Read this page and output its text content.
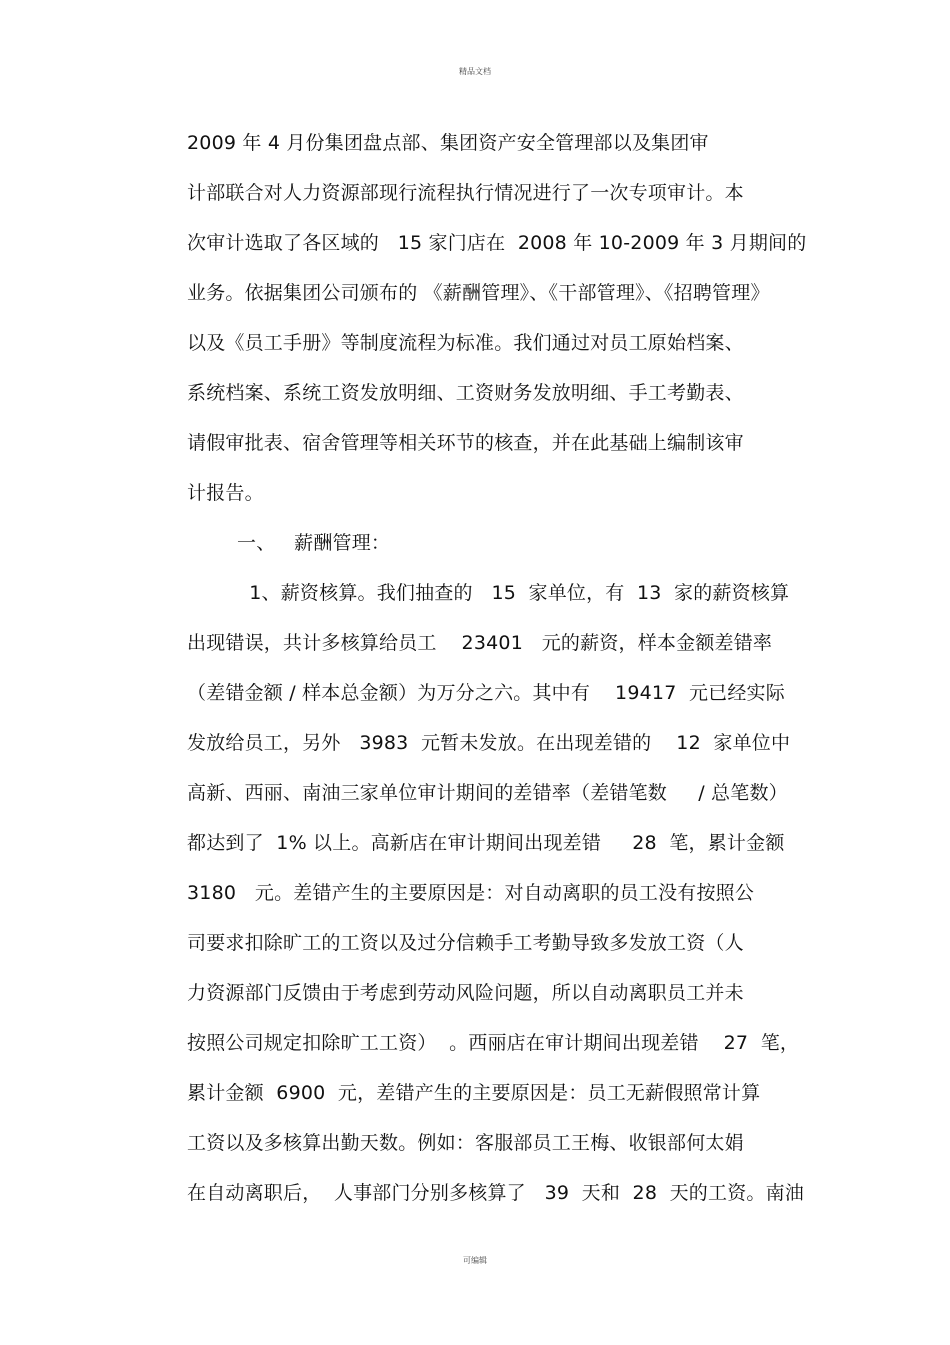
精品文档
2009 年 4 月份集团盘点部、集团资产安全管理部以及集团审
计部联合对人力资源部现行流程执行情况进行了一次专项审计。本
次审计选取了各区域的   15 家门店在  2008 年 10-2009 年 3 月期间的
业务。依据集团公司颁布的 《薪酬管理》、《干部管理》、《招聘管理》
以及《员工手册》等制度流程为标准。我们通过对员工原始档案、
系统档案、系统工资发放明细、工资财务发放明细、手工考勤表、
请假审批表、宿舍管理等相关环节的核查，并在此基础上编制该审
计报告。
一、   薪酬管理：
1、薪资核算。我们抽查的   15  家单位，有  13  家的薪资核算
出现错误，共计多核算给员工    23401   元的薪资，样本金额差错率
（差错金额 / 样本总金额）为万分之六。其中有    19417  元已经实际
发放给员工，另外   3983  元暂未发放。在出现差错的    12  家单位中
高新、西丽、南油三家单位审计期间的差错率（差错笔数     / 总笔数）
都达到了  1% 以上。高新店在审计期间出现差错     28  笔，累计金额
3180   元。差错产生的主要原因是：对自动离职的员工没有按照公
司要求扣除旷工的工资以及过分信赖手工考勤导致多发放工资（人
力资源部门反馈由于考虑到劳动风险问题，所以自动离职员工并未
按照公司规定扣除旷工工资）  。西丽店在审计期间出现差错    27  笔，
累计金额  6900  元，差错产生的主要原因是：员工无薪假照常计算
工资以及多核算出勤天数。例如：客服部员工王梅、收银部何太娟
在自动离职后，  人事部门分别多核算了   39  天和  28  天的工资。南油
可编辑
